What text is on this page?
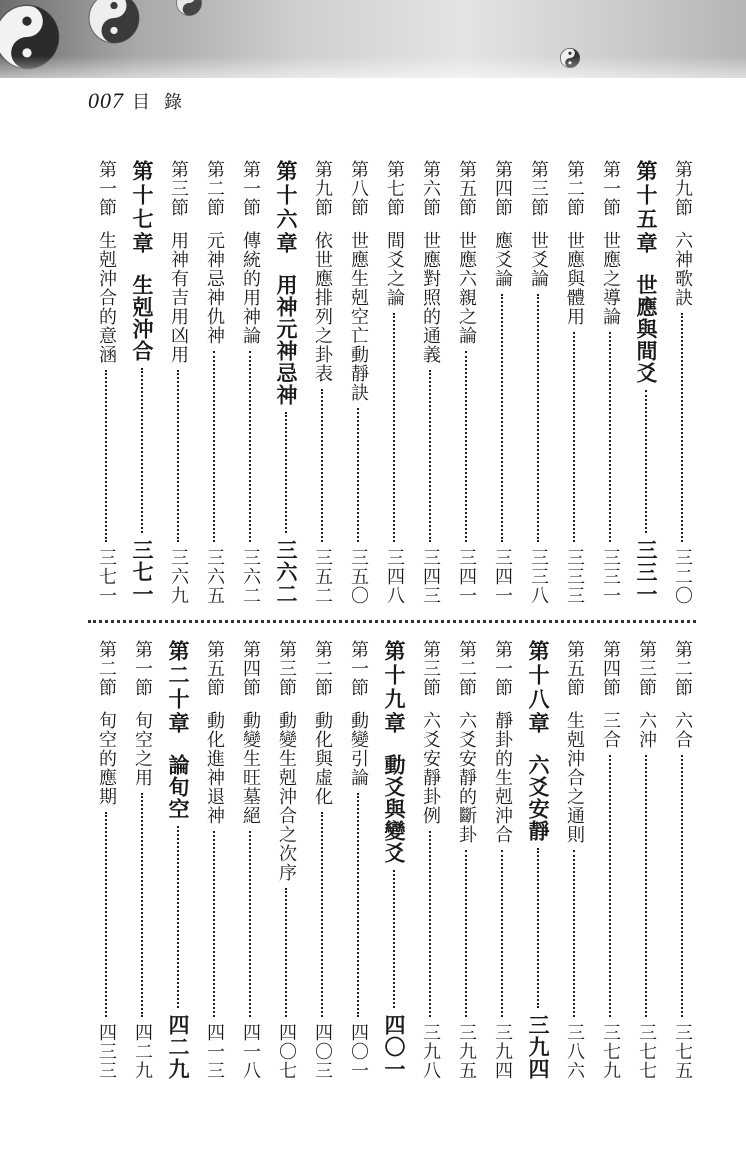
007 目錄
第九節
六神歌訣
三二〇
第十五章
世應與間爻
三三一
第一節
世應之導論
三三一
第二節
世應與體用
三三三
第三節
世爻論
三三八
第四節
應爻論
三四一
第五節
世應六親之論
三四一
第六節
世應對照的通義
三四三
第七節
間爻之論
三四八
第八節
世應生剋空亡動靜訣
三五〇
第九節
依世應排列之卦表
三五二
第十六章
用神元神忌神
三六二
第一節
傳統的用神論
三六二
第二節
元神忌神仇神
三六五
第三節
用神有吉用凶用
三六九
第十七章
生剋沖合
三七一
第一節
生剋沖合的意涵
三七一
第二節
六合
三七五
第三節
六沖
三七七
第四節
三合
三七九
第五節
生剋沖合之通則
三八六
第十八章
六爻安靜
三九四
第一節
靜卦的生剋沖合
三九四
第二節
六爻安靜的斷卦
三九五
第三節
六爻安靜卦例
三九八
第十九章
動爻與變爻
四〇一
第一節
動變引論
四〇一
第二節
動化與虛化
四〇三
第三節
動變生剋沖合之次序
四〇七
第四節
動變生旺墓絕
四一八
第五節
動化進神退神
四一三
第二十章
論旬空
四二九
第一節
旬空之用
四二九
第二節
旬空的應期
四三三
